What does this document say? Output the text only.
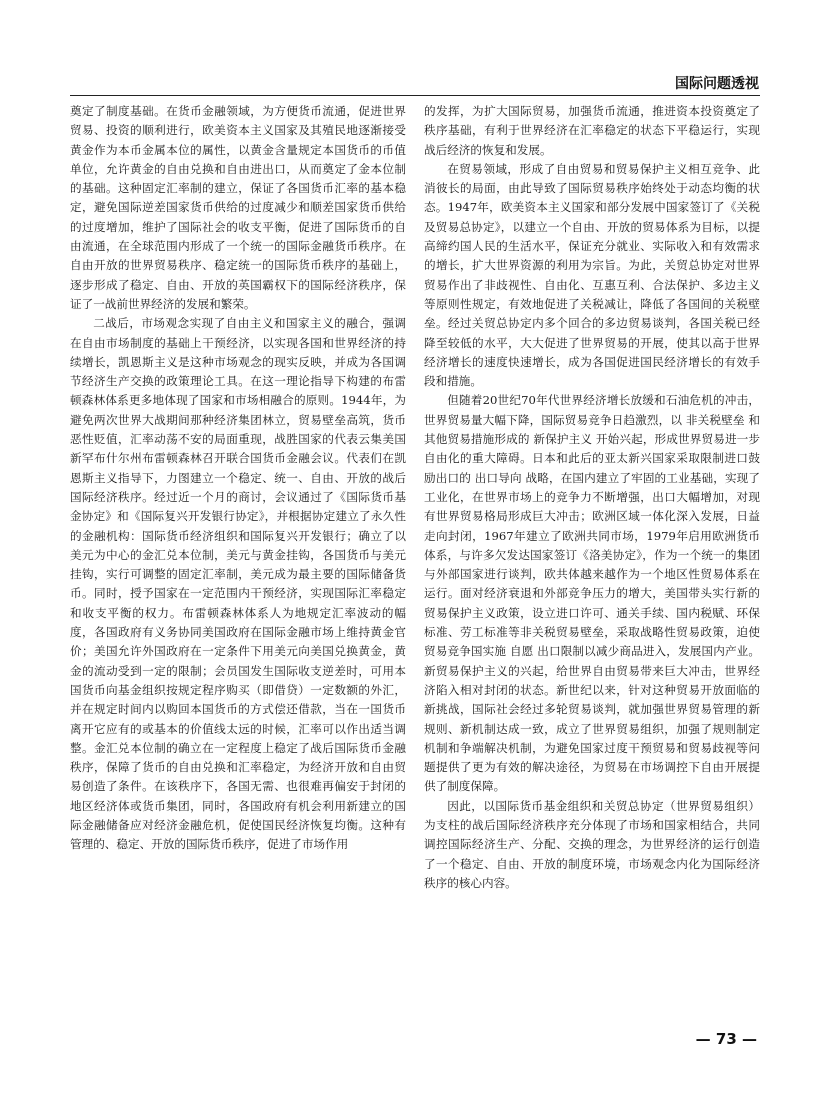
国际问题透视

奠定了制度基础。在货币金融领域，为方便货币流通，促进世界贸易、投资的顺利进行，欧美资本主义国家及其殖民地逐渐接受黄金作为本币金属本位的属性，以黄金含量规定本国货币的币值单位，允许黄金的自由兑换和自由进出口，从而奠定了金本位制的基础。这种固定汇率制的建立，保证了各国货币汇率的基本稳定，避免国际逆差国家货币供给的过度减少和顺差国家货币供给的过度增加，维护了国际社会的收支平衡，促进了国际货币的自由流通，在全球范围内形成了一个统一的国际金融货币秩序。在自由开放的世界贸易秩序、稳定统一的国际货币秩序的基础上，逐步形成了稳定、自由、开放的英国霸权下的国际经济秩序，保证了一战前世界经济的发展和繁荣。

二战后，市场观念实现了自由主义和国家主义的融合，强调在自由市场制度的基础上干预经济，以实现各国和世界经济的持续增长，凯恩斯主义是这种市场观念的现实反映，并成为各国调节经济生产交换的政策理论工具。在这一理论指导下构建的布雷顿森林体系更多地体现了国家和市场相融合的原则。1944年，为避免两次世界大战期间那种经济集团林立，贸易壁垒高筑，货币恶性贬值，汇率动荡不安的局面重现，战胜国家的代表云集美国新罕布什尔州布雷顿森林召开联合国货币金融会议。代表们在凯恩斯主义指导下，力图建立一个稳定、统一、自由、开放的战后国际经济秩序。经过近一个月的商讨，会议通过了《国际货币基金协定》和《国际复兴开发银行协定》，并根据协定建立了永久性的金融机构：国际货币经济组织和国际复兴开发银行；确立了以美元为中心的金汇兑本位制，美元与黄金挂钩，各国货币与美元挂钩，实行可调整的固定汇率制，美元成为最主要的国际储备货币。同时，授予国家在一定范围内干预经济，实现国际汇率稳定和收支平衡的权力。布雷顿森林体系人为地规定汇率波动的幅度，各国政府有义务协同美国政府在国际金融市场上维持黄金官价；美国允许外国政府在一定条件下用美元向美国兑换黄金，黄金的流动受到一定的限制；会员国发生国际收支逆差时，可用本国货币向基金组织按规定程序购买（即借贷）一定数额的外汇，并在规定时间内以购回本国货币的方式偿还借款，当在一国货币离开它应有的或基本的价值线太远的时候，汇率可以作出适当调整。金汇兑本位制的确立在一定程度上稳定了战后国际货币金融秩序，保障了货币的自由兑换和汇率稳定，为经济开放和自由贸易创造了条件。在该秩序下，各国无需、也很难再偏安于封闭的地区经济体或货币集团，同时，各国政府有机会利用新建立的国际金融储备应对经济金融危机，促使国民经济恢复均衡。这种有管理的、稳定、开放的国际货币秩序，促进了市场作用

的发挥，为扩大国际贸易，加强货币流通，推进资本投资奠定了秩序基础，有利于世界经济在汇率稳定的状态下平稳运行，实现战后经济的恢复和发展。

在贸易领域，形成了自由贸易和贸易保护主义相互竞争、此消彼长的局面，由此导致了国际贸易秩序始终处于动态均衡的状态。1947年，欧美资本主义国家和部分发展中国家签订了《关税及贸易总协定》，以建立一个自由、开放的贸易体系为目标，以提高缔约国人民的生活水平，保证充分就业、实际收入和有效需求的增长，扩大世界资源的利用为宗旨。为此，关贸总协定对世界贸易作出了非歧视性、自由化、互惠互利、合法保护、多边主义等原则性规定，有效地促进了关税减让，降低了各国间的关税壁垒。经过关贸总协定内多个回合的多边贸易谈判，各国关税已经降至较低的水平，大大促进了世界贸易的开展，使其以高于世界经济增长的速度快速增长，成为各国促进国民经济增长的有效手段和措施。

但随着20世纪70年代世界经济增长放缓和石油危机的冲击，世界贸易量大幅下降，国际贸易竞争日趋激烈，以 非关税壁垒 和其他贸易措施形成的 新保护主义 开始兴起，形成世界贸易进一步自由化的重大障碍。日本和此后的亚太新兴国家采取限制进口鼓励出口的 出口导向 战略，在国内建立了牢固的工业基础，实现了工业化，在世界市场上的竞争力不断增强，出口大幅增加，对现有世界贸易格局形成巨大冲击；欧洲区域一体化深入发展，日益走向封闭，1967年建立了欧洲共同市场，1979年启用欧洲货币体系，与许多欠发达国家签订《洛美协定》，作为一个统一的集团与外部国家进行谈判，欧共体越来越作为一个地区性贸易体系在运行。面对经济衰退和外部竞争压力的增大，美国带头实行新的贸易保护主义政策，设立进口许可、通关手续、国内税赋、环保标准、劳工标准等非关税贸易壁垒，采取战略性贸易政策，迫使贸易竞争国实施 自愿 出口限制以减少商品进入，发展国内产业。新贸易保护主义的兴起，给世界自由贸易带来巨大冲击，世界经济陷入相对封闭的状态。新世纪以来，针对这种贸易开放面临的新挑战，国际社会经过多轮贸易谈判，就加强世界贸易管理的新规则、新机制达成一致，成立了世界贸易组织，加强了规则制定机制和争端解决机制，为避免国家过度干预贸易和贸易歧视等问题提供了更为有效的解决途径，为贸易在市场调控下自由开展提供了制度保障。

因此，以国际货币基金组织和关贸总协定（世界贸易组织）为支柱的战后国际经济秩序充分体现了市场和国家相结合，共同调控国际经济生产、分配、交换的理念，为世界经济的运行创造了一个稳定、自由、开放的制度环境，市场观念内化为国际经济秩序的核心内容。

— 73 —
